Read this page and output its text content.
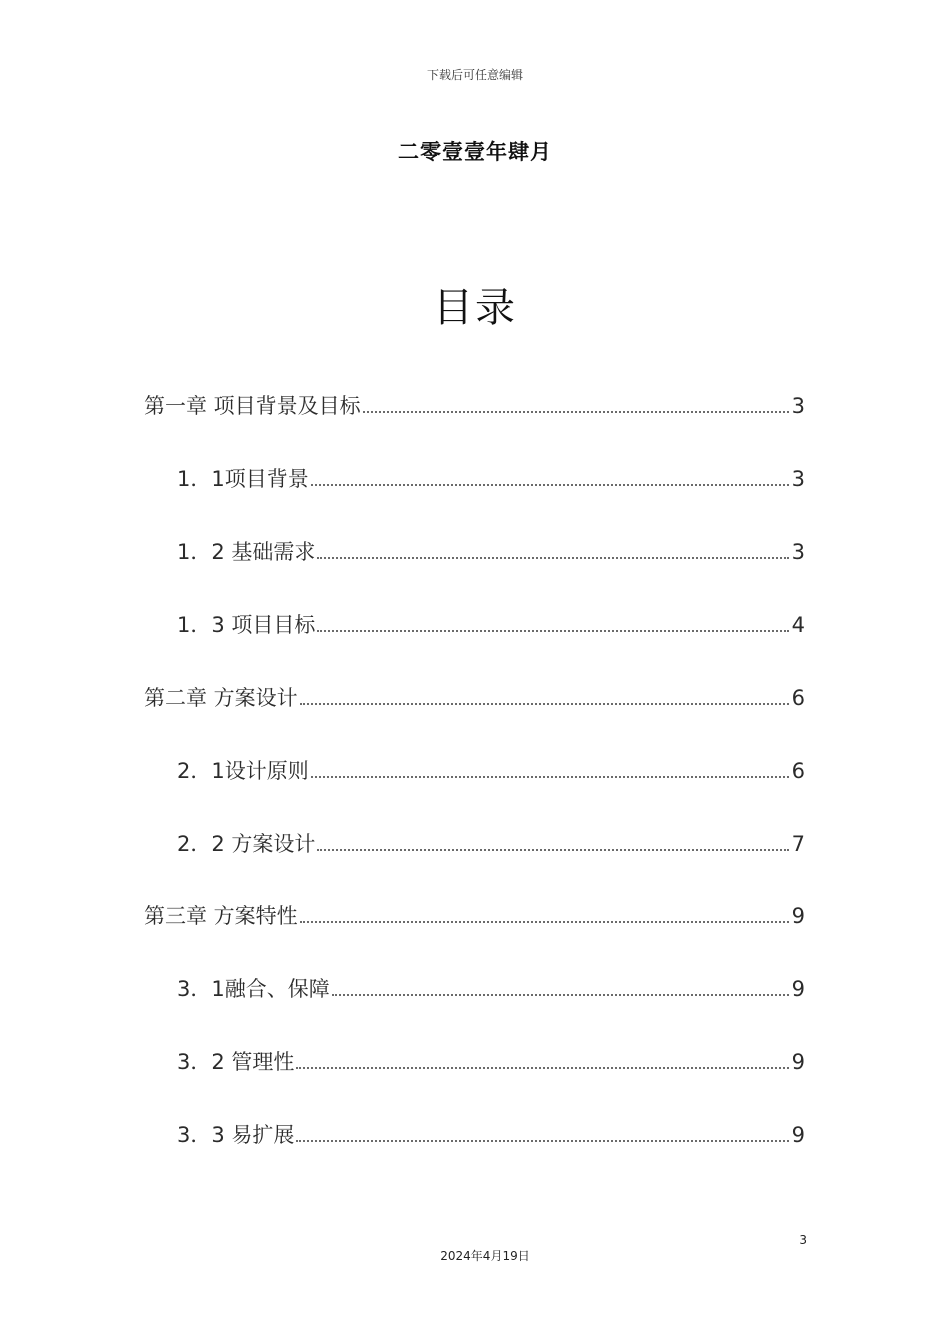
下载后可任意编辑
二零壹壹年肆月
目录
第一章 项目背景及目标	3
1．1项目背景	3
1．2 基础需求	3
1．3 项目目标	4
第二章 方案设计	6
2．1设计原则	6
2．2 方案设计	7
第三章 方案特性	9
3．1融合、保障	9
3．2 管理性	9
3．3 易扩展	9
3
2024年4月19日
